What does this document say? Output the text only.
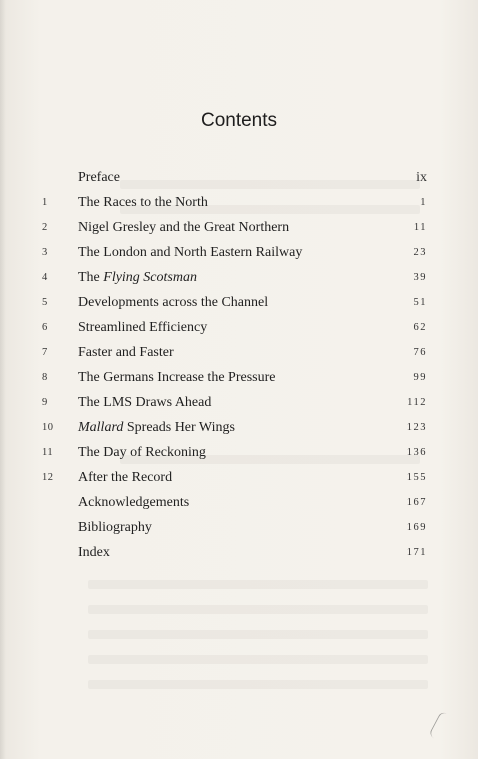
Contents
Preface	ix
1	The Races to the North	1
2	Nigel Gresley and the Great Northern	11
3	The London and North Eastern Railway	23
4	The Flying Scotsman	39
5	Developments across the Channel	51
6	Streamlined Efficiency	62
7	Faster and Faster	76
8	The Germans Increase the Pressure	99
9	The LMS Draws Ahead	112
10	Mallard Spreads Her Wings	123
11	The Day of Reckoning	136
12	After the Record	155
Acknowledgements	167
Bibliography	169
Index	171
